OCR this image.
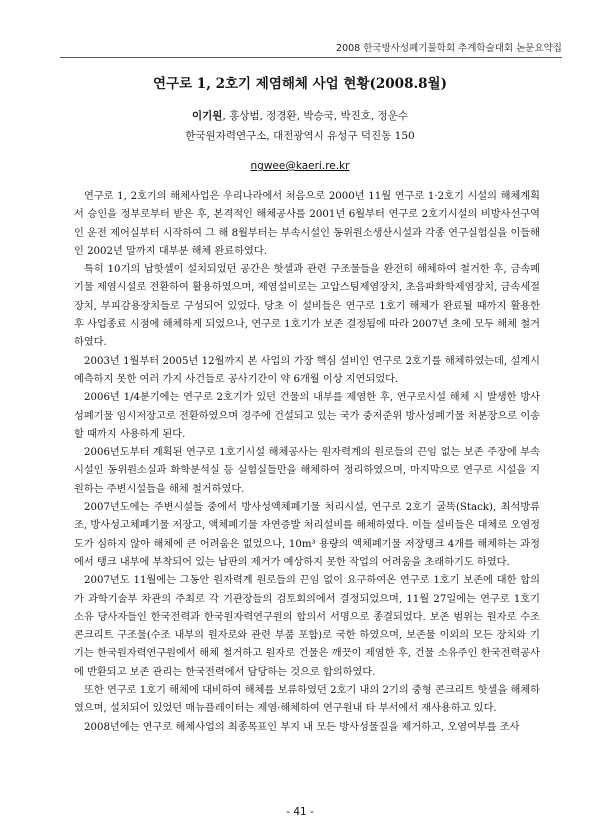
2008 한국방사성폐기물학회 추계학술대회 논문요약집
연구로 1, 2호기 제염해체 사업 현황(2008.8월)
이기원, 홍상범, 정경환, 박승국, 박진호, 정운수
한국원자력연구소, 대전광역시 유성구 덕진동 150
ngwee@kaeri.re.kr

연구로 1, 2호기의 해체사업은 우리나라에서 처음으로 2000년 11월 연구로 1·2호기 시설의 해체계획서 승인을 정부로부터 받은 후, 본격적인 해체공사를 2001년 6월부터 연구로 2호기시설의 비방사선구역인 운전 제어실부터 시작하여 그 해 8월부터는 부속시설인 동위원소생산시설과 각종 연구실험실을 이들해인 2002년 말까지 대부분 해체 완료하였다.

특히 10기의 납핫셀이 설치되었던 공간은 핫셀과 관련 구조물들을 완전히 해체하여 철거한 후, 금속폐기물 제염시설로 전환하여 활용하였으며, 제염설비로는 고압스팀제염장치, 초음파화학제염장치, 금속세절장치, 부피감용장치들로 구성되어 있었다. 당초 이 설비들은 연구로 1호기 해체가 완료될 때까지 활용한 후 사업종료 시점에 해체하게 되었으나, 연구로 1호기가 보존 결정됨에 따라 2007년 초에 모두 해체 철거하였다.

2003년 1월부터 2005년 12월까지 본 사업의 가장 핵심 설비인 연구로 2호기를 해체하였는데, 설계시 예측하지 못한 여러 가지 사건들로 공사기간이 약 6개월 이상 지연되었다.

2006년 1/4분기에는 연구로 2호기가 있던 건물의 내부를 제염한 후, 연구로시설 해체 시 발생한 방사성폐기물 임시저장고로 전환하였으며 경주에 건설되고 있는 국가 중저준위 방사성폐기물 처분장으로 이송할 때까지 사용하게 된다.

2006년도부터 계획된 연구로 1호기시설 해체공사는 원자력계의 원로들의 끈임 없는 보존 주장에 부속시설인 동위원소실과 화학분석실 등 실험실들만을 해체하여 정리하였으며, 마지막으로 연구로 시설을 지원하는 주변시설들을 해체 철거하였다.

2007년도에는 주변시설들 중에서 방사성액체폐기물 처리시설, 연구로 2호기 굴뚝(Stack), 최석방류조, 방사성고체폐기물 저장고, 액체폐기물 자연증발 처리설비를 해체하였다. 이들 설비들은 대체로 오염정도가 심하지 않아 해체에 큰 어려움은 없었으나, 10m³ 용량의 액체폐기물 저장탱크 4개를 해체하는 과정에서 탱크 내부에 부착되어 있는 납판의 제거가 예상하지 못한 작업의 어려움을 초래하기도 하였다.

2007년도 11월에는 그동안 원자력계 원로들의 끈임 없이 요구하여온 연구로 1호기 보존에 대한 합의가 과학기술부 차관의 주최로 각 기관장들의 검토회의에서 결정되었으며, 11월 27일에는 연구로 1호기 소유 당사자들인 한국전력과 한국원자력연구원의 합의서 서명으로 종결되었다. 보존 범위는 원자로 수조 콘크리트 구조물(수조 내부의 원자로와 관련 부품 포함)로 국한 하였으며, 보존물 이외의 모든 장치와 기기는 한국원자력연구원에서 해체 철거하고 원자로 건물은 깨끗이 제염한 후, 건물 소유주인 한국전력공사에 반환되고 보존 관리는 한국전력에서 담당하는 것으로 합의하였다.

또한 연구로 1호기 해체에 대비하여 해체를 보류하였던 2호기 내의 2기의 중형 콘크리트 핫셀을 해체하였으며, 설치되어 있었던 매뉴플레이터는 제염·해체하여 연구원내 타 부서에서 재사용하고 있다.

2008년에는 연구로 해체사업의 최종목표인 부지 내 모든 방사성물질을 제거하고, 오염여부를 조사

- 41 -
